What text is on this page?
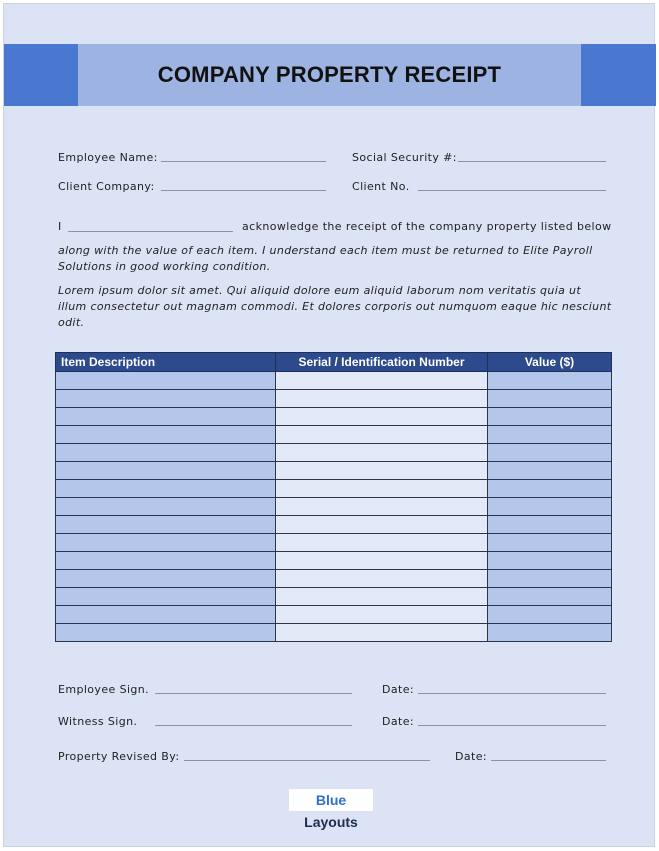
COMPANY PROPERTY RECEIPT
Employee Name:	Social Security #:
Client Company:	Client No.
I	acknowledge the receipt of the company property listed below
along with the value of each item. I understand each item must be returned to Elite Payroll
Solutions in good working condition.
Lorem ipsum dolor sit amet. Qui aliquid dolore eum aliquid laborum nom veritatis quia ut
illum consectetur out magnam commodi. Et dolores corporis out numquom eaque hic nesciunt
odit.
Item Description	Serial / Identification Number	Value ($)

Employee Sign.	Date:
Witness Sign.	Date:
Property Revised By:	Date:
Blue Layouts
